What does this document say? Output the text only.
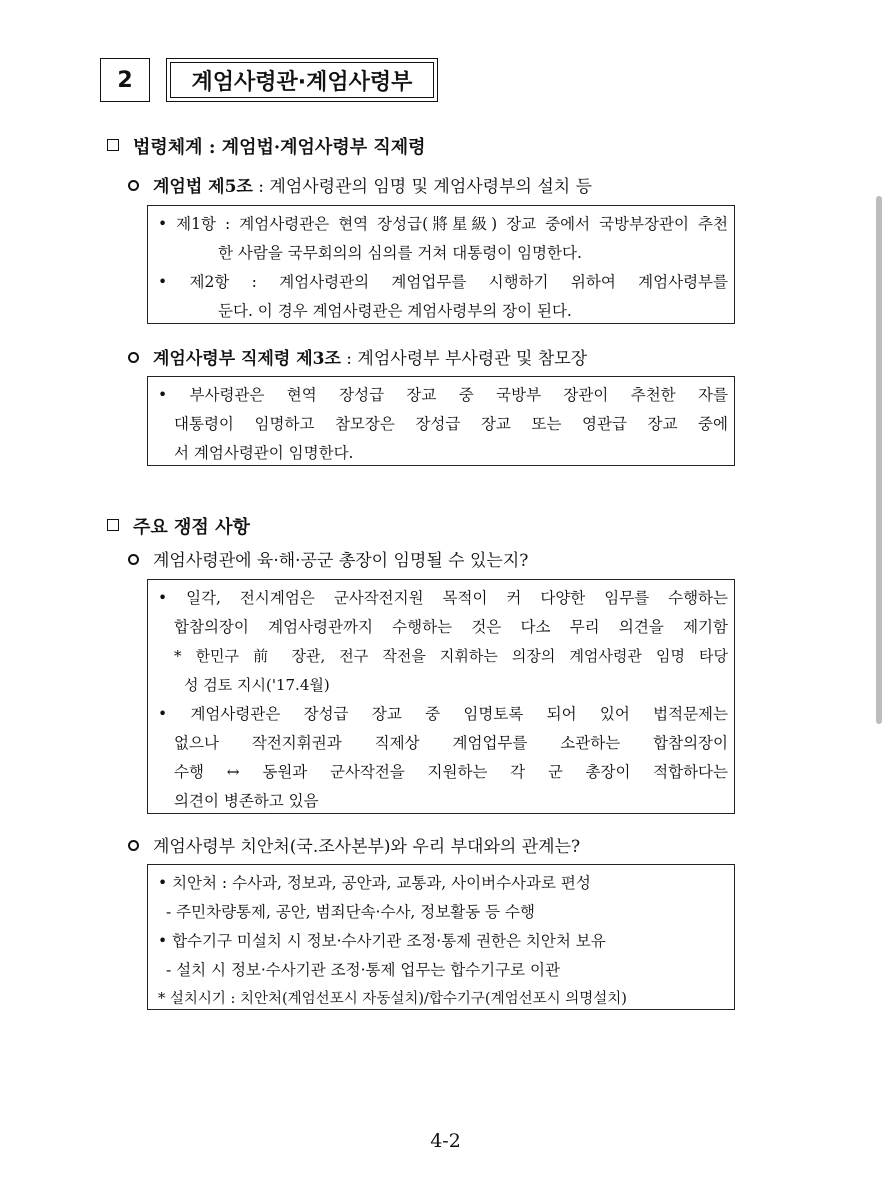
2	계엄사령관·계엄사령부
법령체계 : 계엄법·계엄사령부 직제령
계엄법 제5조 : 계엄사령관의 임명 및 계엄사령부의 설치 등
• 제1항 : 계엄사령관은 현역 장성급(將星級) 장교 중에서 국방부장관이 추천
한 사람을 국무회의의 심의를 거쳐 대통령이 임명한다.
• 제2항 : 계엄사령관의 계엄업무를 시행하기 위하여 계엄사령부를
둔다. 이 경우 계엄사령관은 계엄사령부의 장이 된다.
계엄사령부 직제령 제3조 : 계엄사령부 부사령관 및 참모장
• 부사령관은 현역 장성급 장교 중 국방부 장관이 추천한 자를
대통령이 임명하고 참모장은 장성급 장교 또는 영관급 장교 중에
서 계엄사령관이 임명한다.
주요 쟁점 사항
계엄사령관에 육·해·공군 총장이 임명될 수 있는지?
• 일각, 전시계엄은 군사작전지원 목적이 커 다양한 임무를 수행하는
합참의장이 계엄사령관까지 수행하는 것은 다소 무리 의견을 제기함
* 한민구 前 장관, 전구 작전을 지휘하는 의장의 계엄사령관 임명 타당
성 검토 지시('17.4월)
• 계엄사령관은 장성급 장교 중 임명토록 되어 있어 법적문제는
없으나 작전지휘권과 직제상 계엄업무를 소관하는 합참의장이
수행 ↔ 동원과 군사작전을 지원하는 각 군 총장이 적합하다는
의견이 병존하고 있음
계엄사령부 치안처(국.조사본부)와 우리 부대와의 관계는?
• 치안처 : 수사과, 정보과, 공안과, 교통과, 사이버수사과로 편성
- 주민차량통제, 공안, 범죄단속·수사, 정보활동 등 수행
• 합수기구 미설치 시 정보·수사기관 조정·통제 권한은 치안처 보유
- 설치 시 정보·수사기관 조정·통제 업무는 합수기구로 이관
* 설치시기 : 치안처(계엄선포시 자동설치)/합수기구(계엄선포시 의명설치)
4-2
